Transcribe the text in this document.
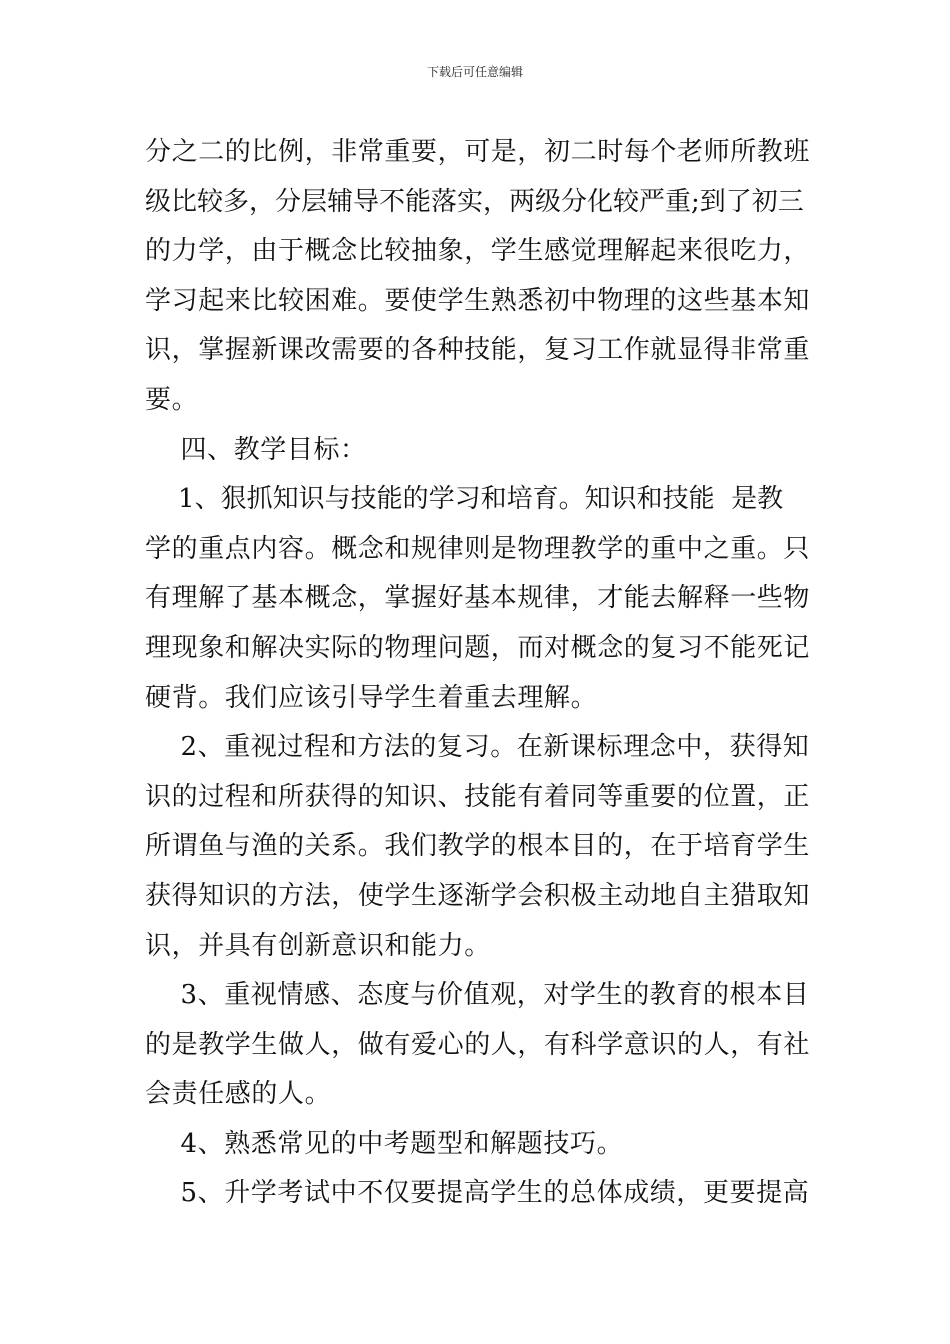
下载后可任意编辑
分之二的比例，非常重要，可是，初二时每个老师所教班
级比较多，分层辅导不能落实，两级分化较严重;到了初三
的力学，由于概念比较抽象，学生感觉理解起来很吃力，
学习起来比较困难。要使学生熟悉初中物理的这些基本知
识，掌握新课改需要的各种技能，复习工作就显得非常重
要。
四、教学目标：
1、狠抓知识与技能的学习和培育。知识和技能  是教
学的重点内容。概念和规律则是物理教学的重中之重。只
有理解了基本概念，掌握好基本规律，才能去解释一些物
理现象和解决实际的物理问题，而对概念的复习不能死记
硬背。我们应该引导学生着重去理解。
2、重视过程和方法的复习。在新课标理念中，获得知
识的过程和所获得的知识、技能有着同等重要的位置，正
所谓鱼与渔的关系。我们教学的根本目的，在于培育学生
获得知识的方法，使学生逐渐学会积极主动地自主猎取知
识，并具有创新意识和能力。
3、重视情感、态度与价值观，对学生的教育的根本目
的是教学生做人，做有爱心的人，有科学意识的人，有社
会责任感的人。
4、熟悉常见的中考题型和解题技巧。
5、升学考试中不仅要提高学生的总体成绩，更要提高
